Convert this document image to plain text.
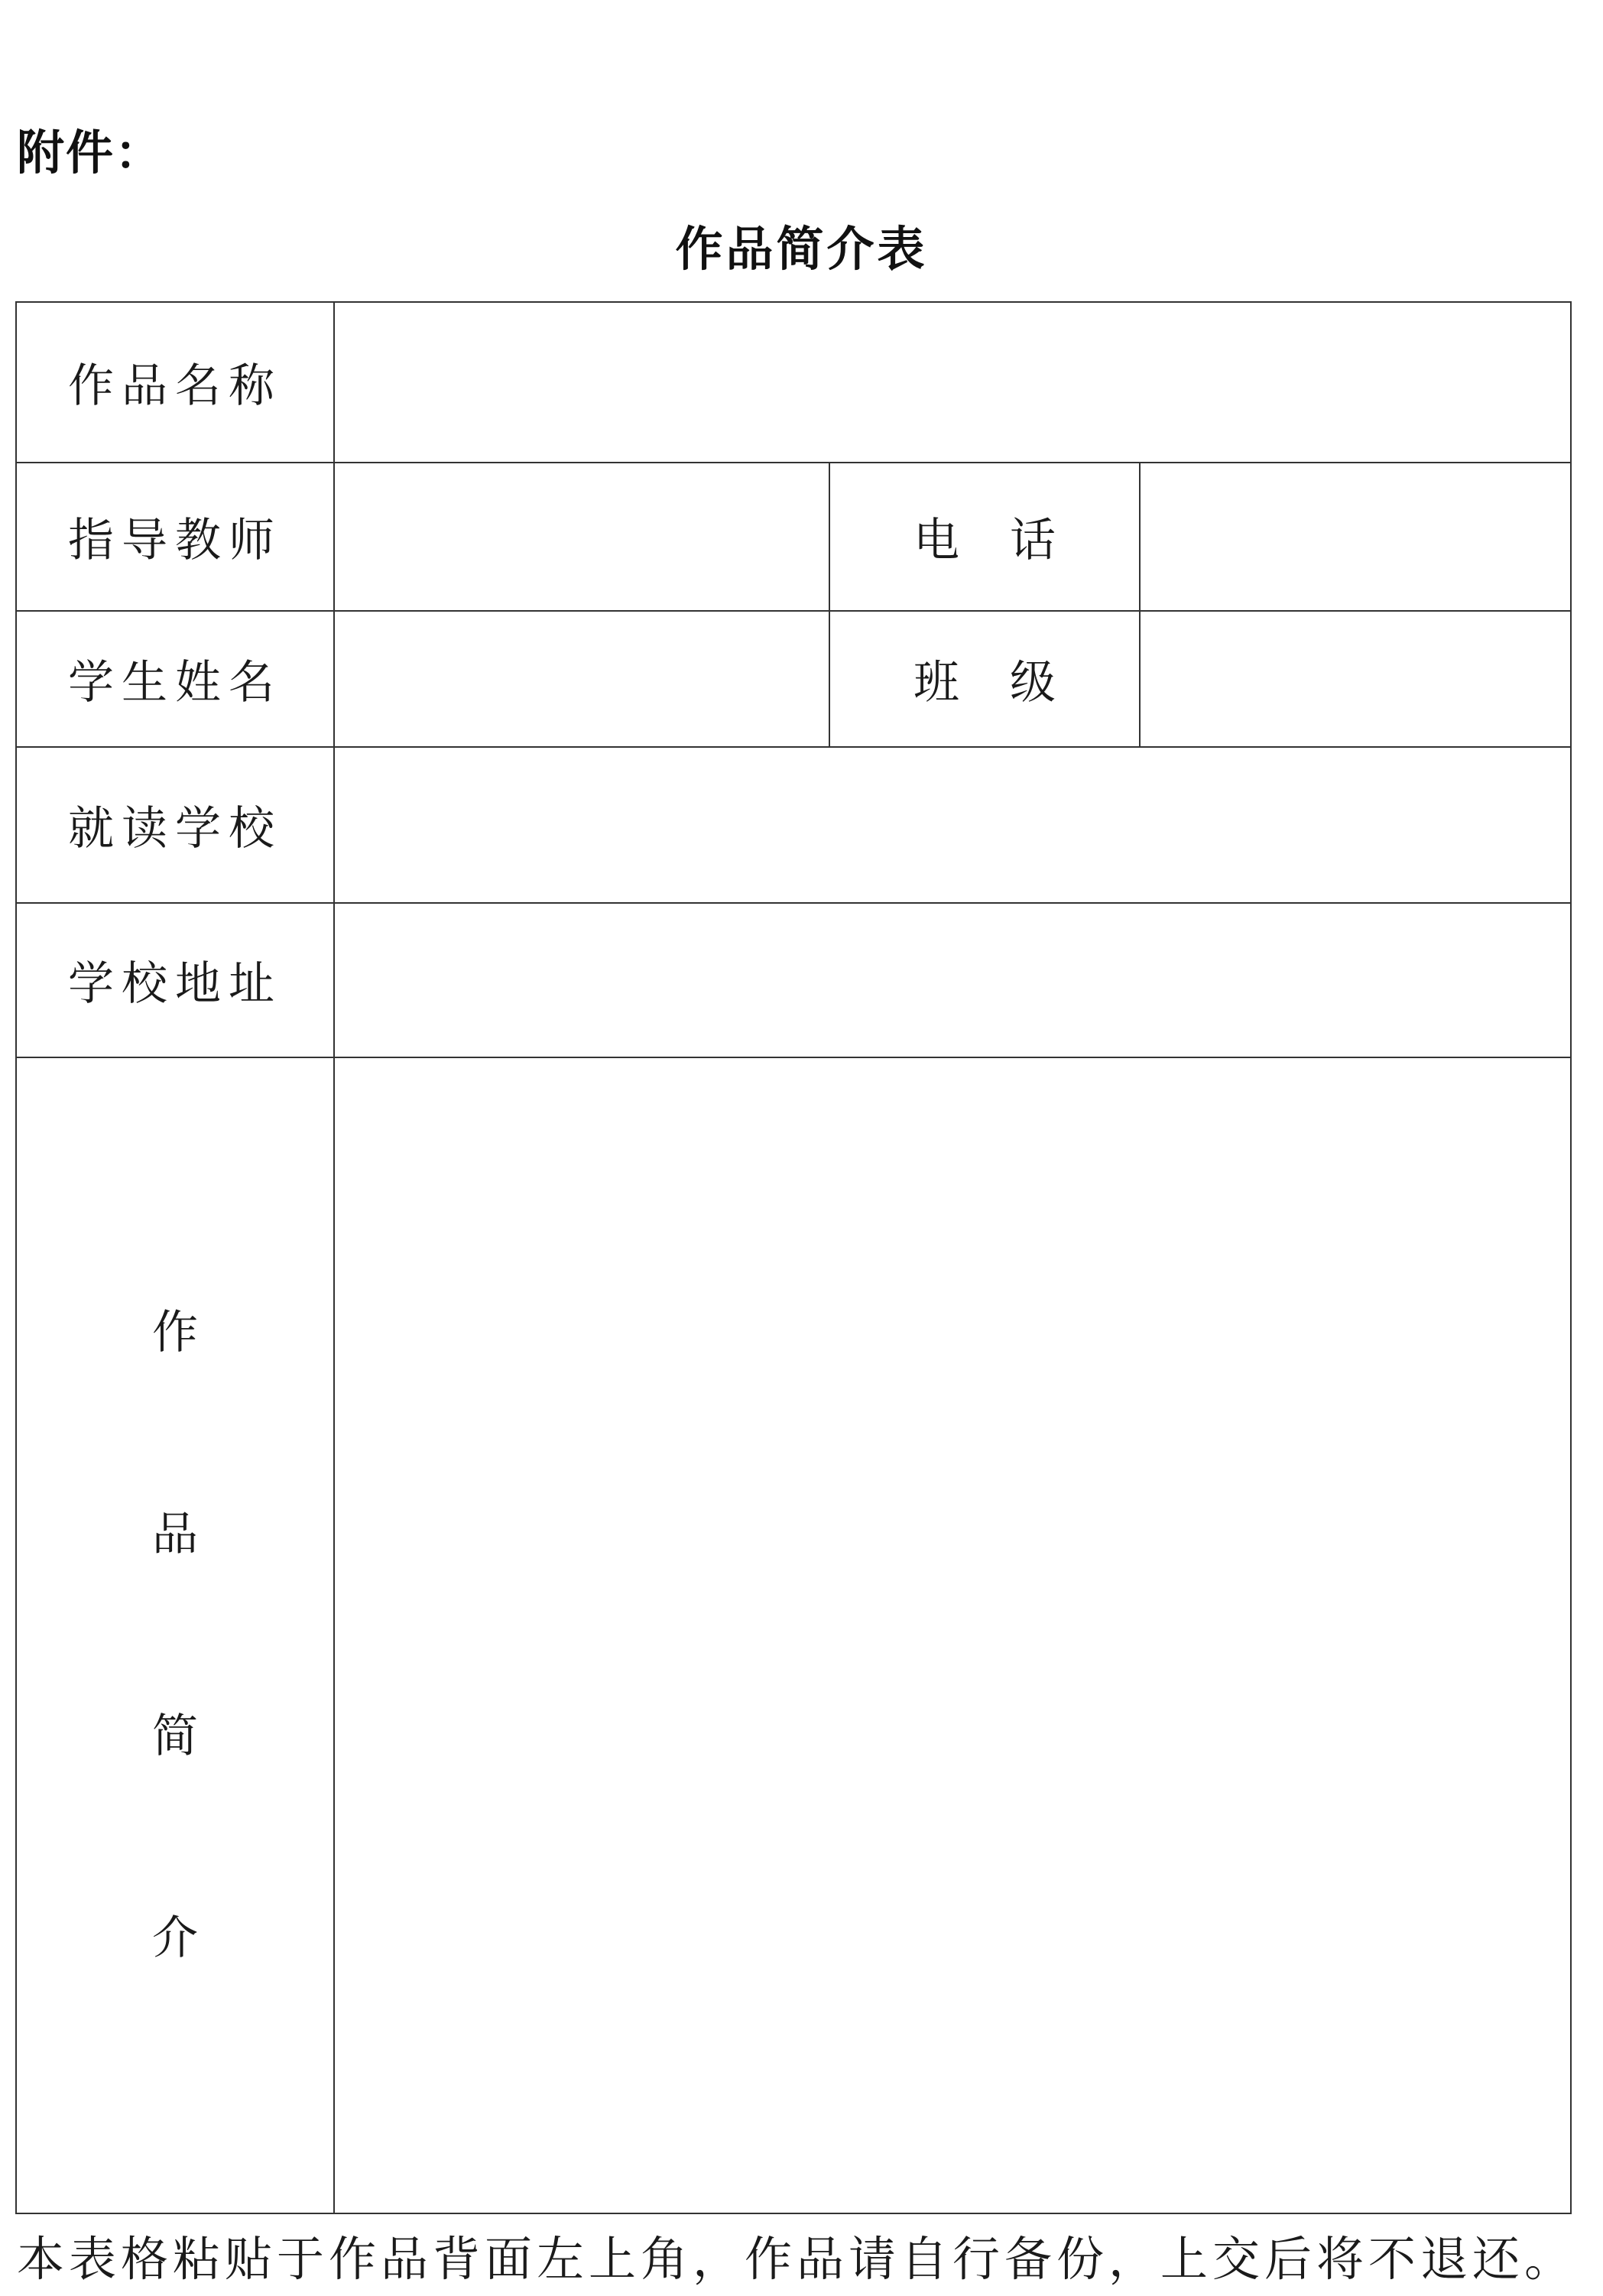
附件：
作品简介表
作品名称			
指导教师		电 话	
学生姓名		班 级	
就读学校			
学校地址			

作
品
简
介			

本表格粘贴于作品背面左上角，作品请自行备份，上交后将不退还。
